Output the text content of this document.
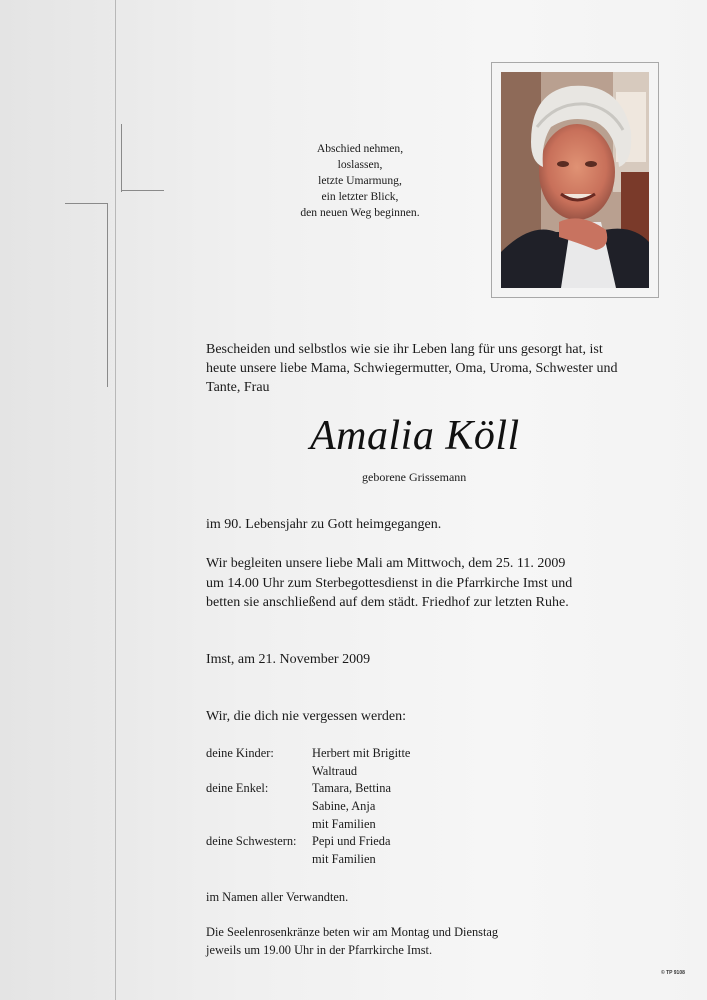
Abschied nehmen,
loslassen,
letzte Umarmung,
ein letzter Blick,
den neuen Weg beginnen.
Bescheiden und selbstlos wie sie ihr Leben lang für uns gesorgt hat, ist
heute unsere liebe Mama, Schwiegermutter, Oma, Uroma, Schwester und
Tante, Frau
Amalia Köll
geborene Grissemann
im 90. Lebensjahr zu Gott heimgegangen.
Wir begleiten unsere liebe Mali am Mittwoch, dem 25. 11. 2009
um 14.00 Uhr zum Sterbegottesdienst in die Pfarrkirche Imst und
betten sie anschließend auf dem städt. Friedhof zur letzten Ruhe.
Imst, am 21. November 2009
Wir, die dich nie vergessen werden:
deine Kinder:	Herbert mit Brigitte
Waltraud
deine Enkel:	Tamara, Bettina
Sabine, Anja
mit Familien
deine Schwestern: Pepi und Frieda
mit Familien
im Namen aller Verwandten.
Die Seelenrosenkränze beten wir am Montag und Dienstag
jeweils um 19.00 Uhr in der Pfarrkirche Imst.
© TP 9108
